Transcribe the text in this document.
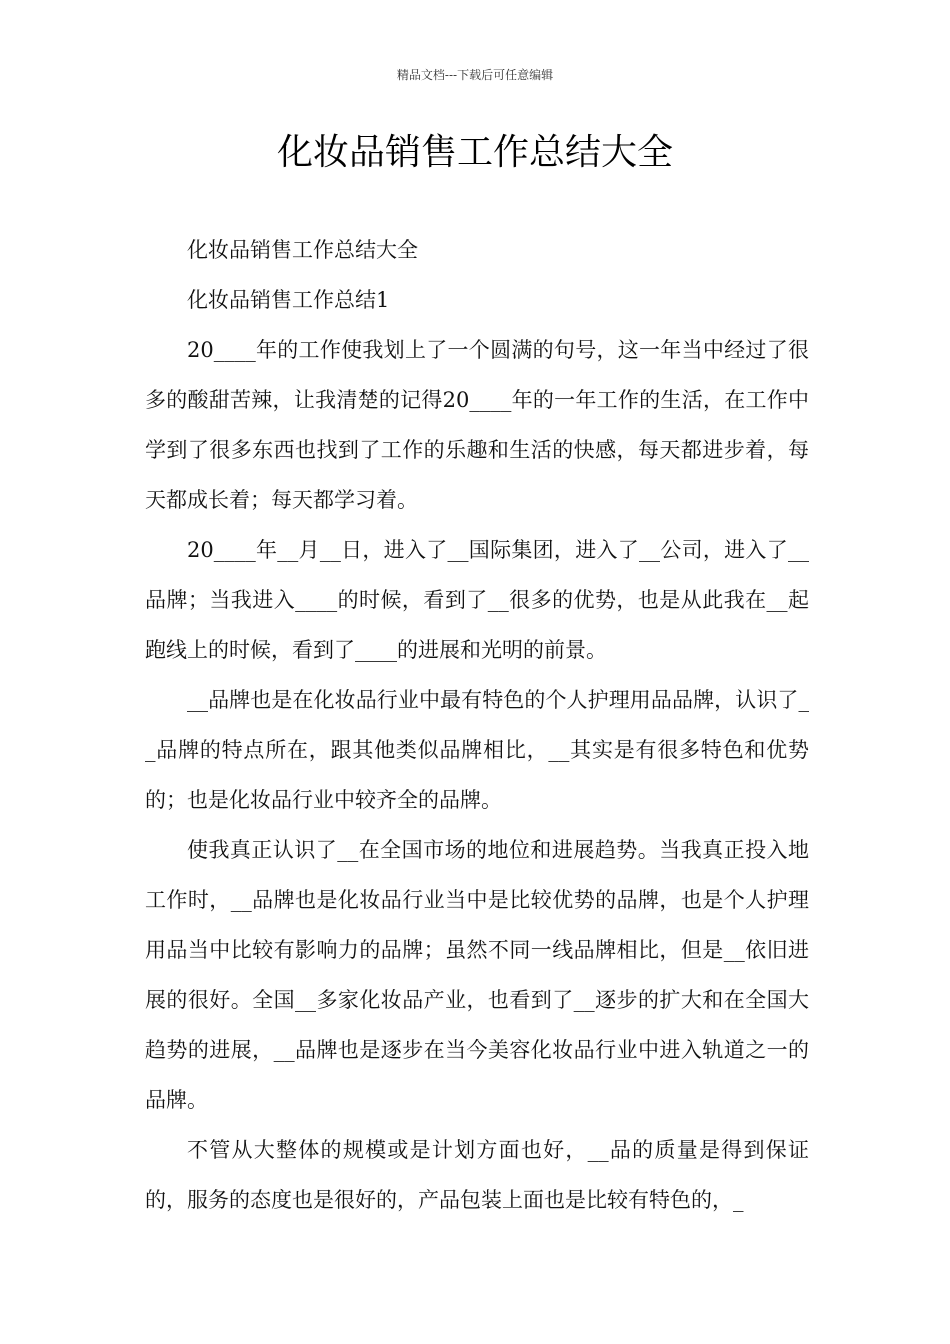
精品文档---下载后可任意编辑
化妆品销售工作总结大全

化妆品销售工作总结大全

化妆品销售工作总结1

20____年的工作使我划上了一个圆满的句号，这一年当中经过了很多的酸甜苦辣，让我清楚的记得20____年的一年工作的生活，在工作中学到了很多东西也找到了工作的乐趣和生活的快感，每天都进步着，每天都成长着；每天都学习着。

20____年__月__日，进入了__国际集团，进入了__公司，进入了__品牌；当我进入____的时候，看到了__很多的优势，也是从此我在__起跑线上的时候，看到了____的进展和光明的前景。

__品牌也是在化妆品行业中最有特色的个人护理用品品牌，认识了__品牌的特点所在，跟其他类似品牌相比，__其实是有很多特色和优势的；也是化妆品行业中较齐全的品牌。

使我真正认识了__在全国市场的地位和进展趋势。当我真正投入地工作时，__品牌也是化妆品行业当中是比较优势的品牌，也是个人护理用品当中比较有影响力的品牌；虽然不同一线品牌相比，但是__依旧进展的很好。全国__多家化妆品产业，也看到了__逐步的扩大和在全国大趋势的进展，__品牌也是逐步在当今美容化妆品行业中进入轨道之一的品牌。

不管从大整体的规模或是计划方面也好，__品的质量是得到保证的，服务的态度也是很好的，产品包装上面也是比较有特色的，_
